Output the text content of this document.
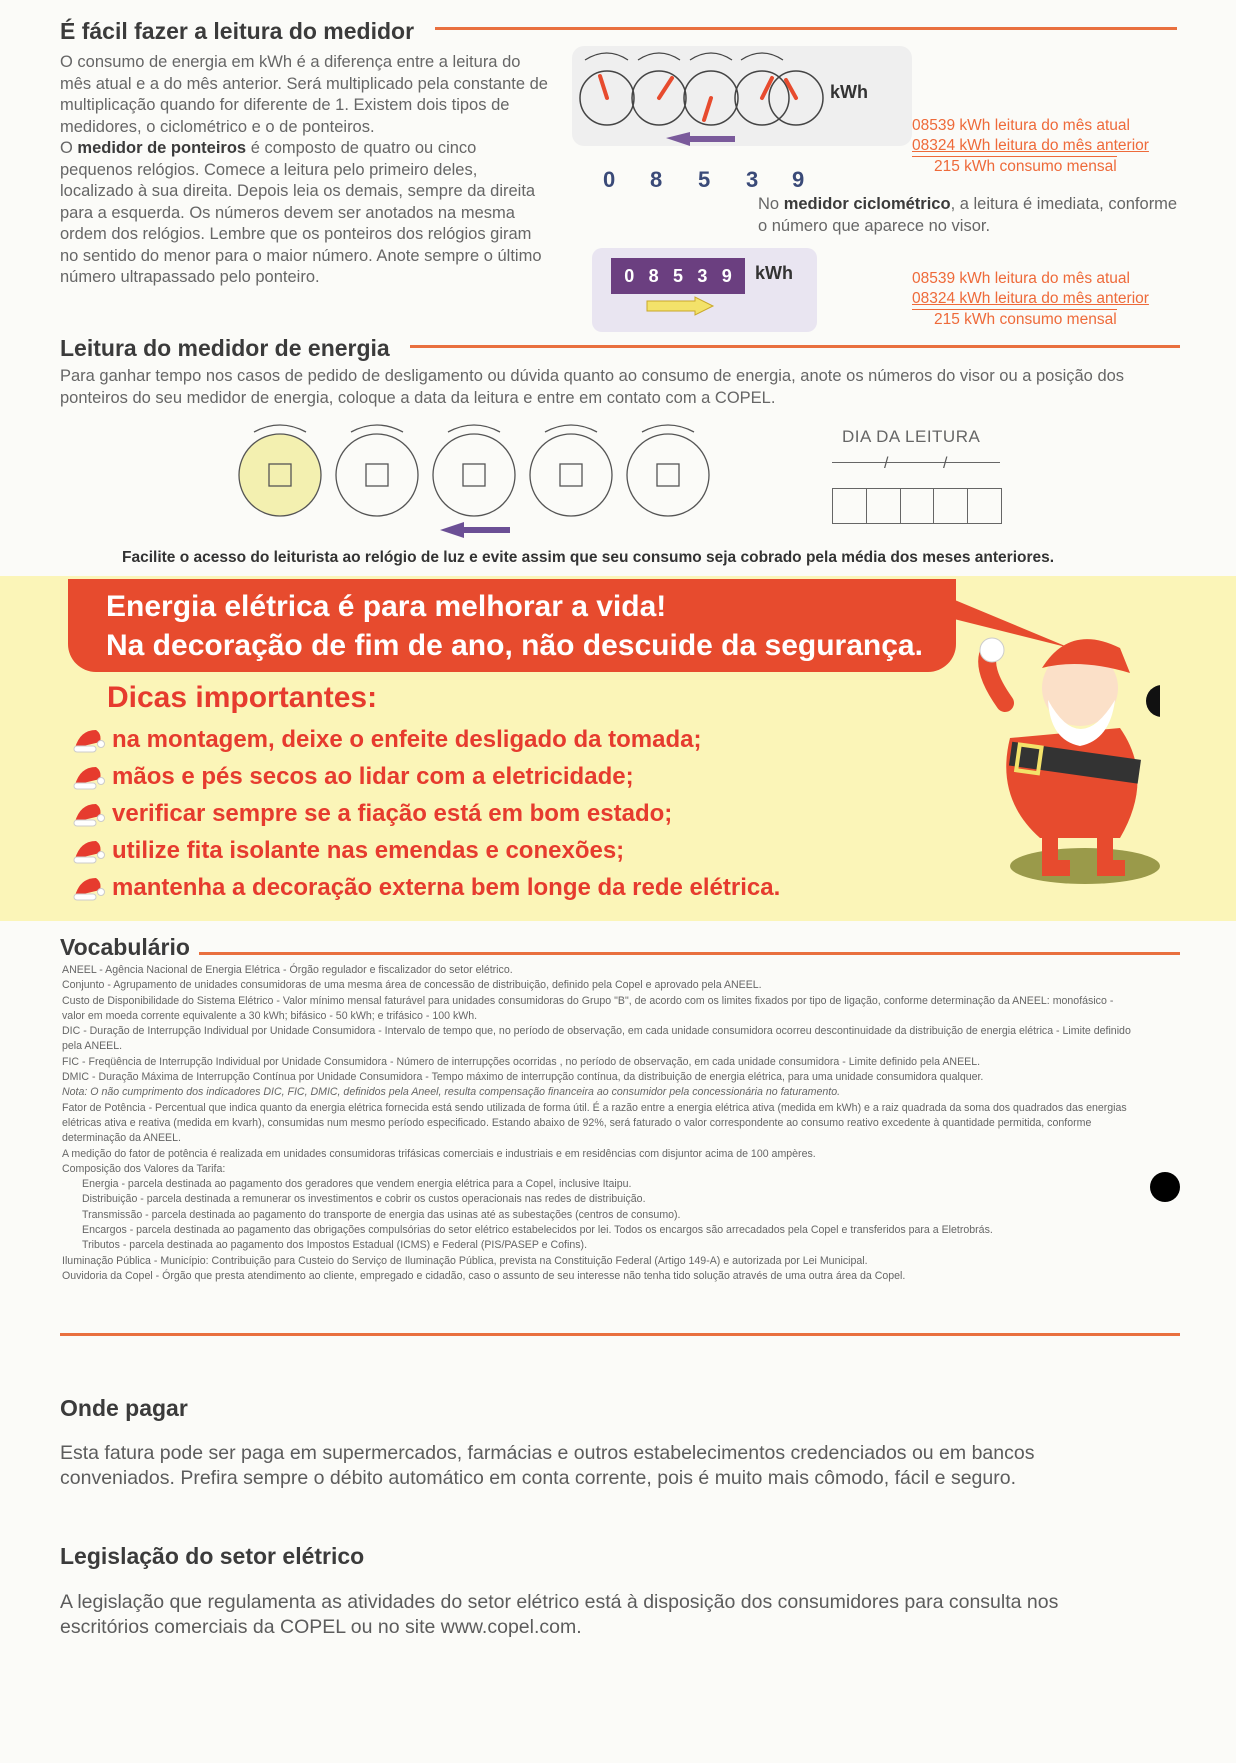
É fácil fazer a leitura do medidor
O consumo de energia em kWh é a diferença entre a leitura do mês atual e a do mês anterior. Será multiplicado pela constante de multiplicação quando for diferente de 1. Existem dois tipos de medidores, o ciclométrico e o de ponteiros.
O medidor de ponteiros é composto de quatro ou cinco pequenos relógios. Comece a leitura pelo primeiro deles, localizado à sua direita. Depois leia os demais, sempre da direita para a esquerda. Os números devem ser anotados na mesma ordem dos relógios. Lembre que os ponteiros dos relógios giram no sentido do menor para o maior número. Anote sempre o último número ultrapassado pelo ponteiro.
kWh
0 8 5 3 9
08539 kWh leitura do mês atual
08324 kWh leitura do mês anterior
215 kWh consumo mensal
No medidor ciclométrico, a leitura é imediata, conforme o número que aparece no visor.
0 8 5 3 9 kWh	08539 kWh leitura do mês atual
08324 kWh leitura do mês anterior
215 kWh consumo mensal
Leitura do medidor de energia
Para ganhar tempo nos casos de pedido de desligamento ou dúvida quanto ao consumo de energia, anote os números do visor ou a posição dos ponteiros do seu medidor de energia, coloque a data da leitura e entre em contato com a COPEL.
DIA DA LEITURA
/	/
Facilite o acesso do leiturista ao relógio de luz e evite assim que seu consumo seja cobrado pela média dos meses anteriores.
Energia elétrica é para melhorar a vida!
Na decoração de fim de ano, não descuide da segurança.
Dicas importantes:
na montagem, deixe o enfeite desligado da tomada;
mãos e pés secos ao lidar com a eletricidade;
verificar sempre se a fiação está em bom estado;
utilize fita isolante nas emendas e conexões;
mantenha a decoração externa bem longe da rede elétrica.
Vocabulário
ANEEL - Agência Nacional de Energia Elétrica - Órgão regulador e fiscalizador do setor elétrico.
Conjunto - Agrupamento de unidades consumidoras de uma mesma área de concessão de distribuição, definido pela Copel e aprovado pela ANEEL.
Custo de Disponibilidade do Sistema Elétrico - Valor mínimo mensal faturável para unidades consumidoras do Grupo "B", de acordo com os limites fixados por tipo de ligação, conforme determinação da ANEEL: monofásico - valor em moeda corrente equivalente a 30 kWh; bifásico - 50 kWh; e trifásico - 100 kWh.
DIC - Duração de Interrupção Individual por Unidade Consumidora - Intervalo de tempo que, no período de observação, em cada unidade consumidora ocorreu descontinuidade da distribuição de energia elétrica - Limite definido pela ANEEL.
FIC - Freqüência de Interrupção Individual por Unidade Consumidora - Número de interrupções ocorridas , no período de observação, em cada unidade consumidora - Limite definido pela ANEEL.
DMIC - Duração Máxima de Interrupção Contínua por Unidade Consumidora - Tempo máximo de interrupção contínua, da distribuição de energia elétrica, para uma unidade consumidora qualquer.
Nota: O não cumprimento dos indicadores DIC, FIC, DMIC, definidos pela Aneel, resulta compensação financeira ao consumidor pela concessionária no faturamento.
Fator de Potência - Percentual que indica quanto da energia elétrica fornecida está sendo utilizada de forma útil. É a razão entre a energia elétrica ativa (medida em kWh) e a raiz quadrada da soma dos quadrados das energias elétricas ativa e reativa (medida em kvarh), consumidas num mesmo período especificado. Estando abaixo de 92%, será faturado o valor correspondente ao consumo reativo excedente à quantidade permitida, conforme determinação da ANEEL.
A medição do fator de potência é realizada em unidades consumidoras trifásicas comerciais e industriais e em residências com disjuntor acima de 100 ampères.
Composição dos Valores da Tarifa:
Energia - parcela destinada ao pagamento dos geradores que vendem energia elétrica para a Copel, inclusive Itaipu.
Distribuição - parcela destinada a remunerar os investimentos e cobrir os custos operacionais nas redes de distribuição.
Transmissão - parcela destinada ao pagamento do transporte de energia das usinas até as subestações (centros de consumo).
Encargos - parcela destinada ao pagamento das obrigações compulsórias do setor elétrico estabelecidos por lei. Todos os encargos são arrecadados pela Copel e transferidos para a Eletrobrás.
Tributos - parcela destinada ao pagamento dos Impostos Estadual (ICMS) e Federal (PIS/PASEP e Cofins).
Iluminação Pública - Município: Contribuição para Custeio do Serviço de Iluminação Pública, prevista na Constituição Federal (Artigo 149-A) e autorizada por Lei Municipal.
Ouvidoria da Copel - Órgão que presta atendimento ao cliente, empregado e cidadão, caso o assunto de seu interesse não tenha tido solução através de uma outra área da Copel.
Onde pagar
Esta fatura pode ser paga em supermercados, farmácias e outros estabelecimentos credenciados ou em bancos conveniados. Prefira sempre o débito automático em conta corrente, pois é muito mais cômodo, fácil e seguro.
Legislação do setor elétrico
A legislação que regulamenta as atividades do setor elétrico está à disposição dos consumidores para consulta nos escritórios comerciais da COPEL ou no site www.copel.com.
